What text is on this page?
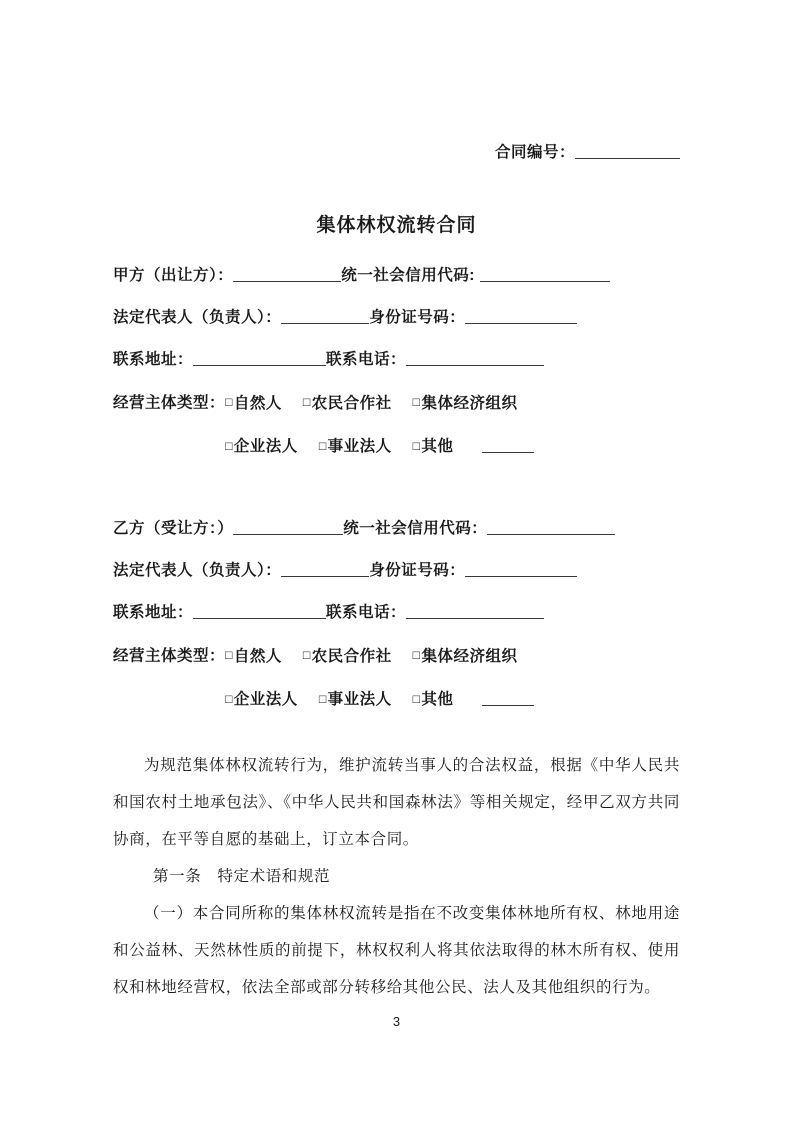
合同编号：
集体林权流转合同
甲方（出让方）：	统一社会信用代码:
法定代表人（负责人）：	身份证号码：
联系地址：	联系电话：
经营主体类型：□自然人 □农民合作社 □集体经济组织
□企业法人 □事业法人 □其他
乙方（受让方：）	统一社会信用代码：
法定代表人（负责人）：	身份证号码：
联系地址：	联系电话：
经营主体类型：□自然人 □农民合作社 □集体经济组织
□企业法人 □事业法人 □其他

为规范集体林权流转行为，维护流转当事人的合法权益，根据《中华人民共和国农村土地承包法》、《中华人民共和国森林法》等相关规定，经甲乙双方共同协商，在平等自愿的基础上，订立本合同。

第一条　特定术语和规范

（一）本合同所称的集体林权流转是指在不改变集体林地所有权、林地用途和公益林、天然林性质的前提下，林权权利人将其依法取得的林木所有权、使用权和林地经营权，依法全部或部分转移给其他公民、法人及其他组织的行为。

3
